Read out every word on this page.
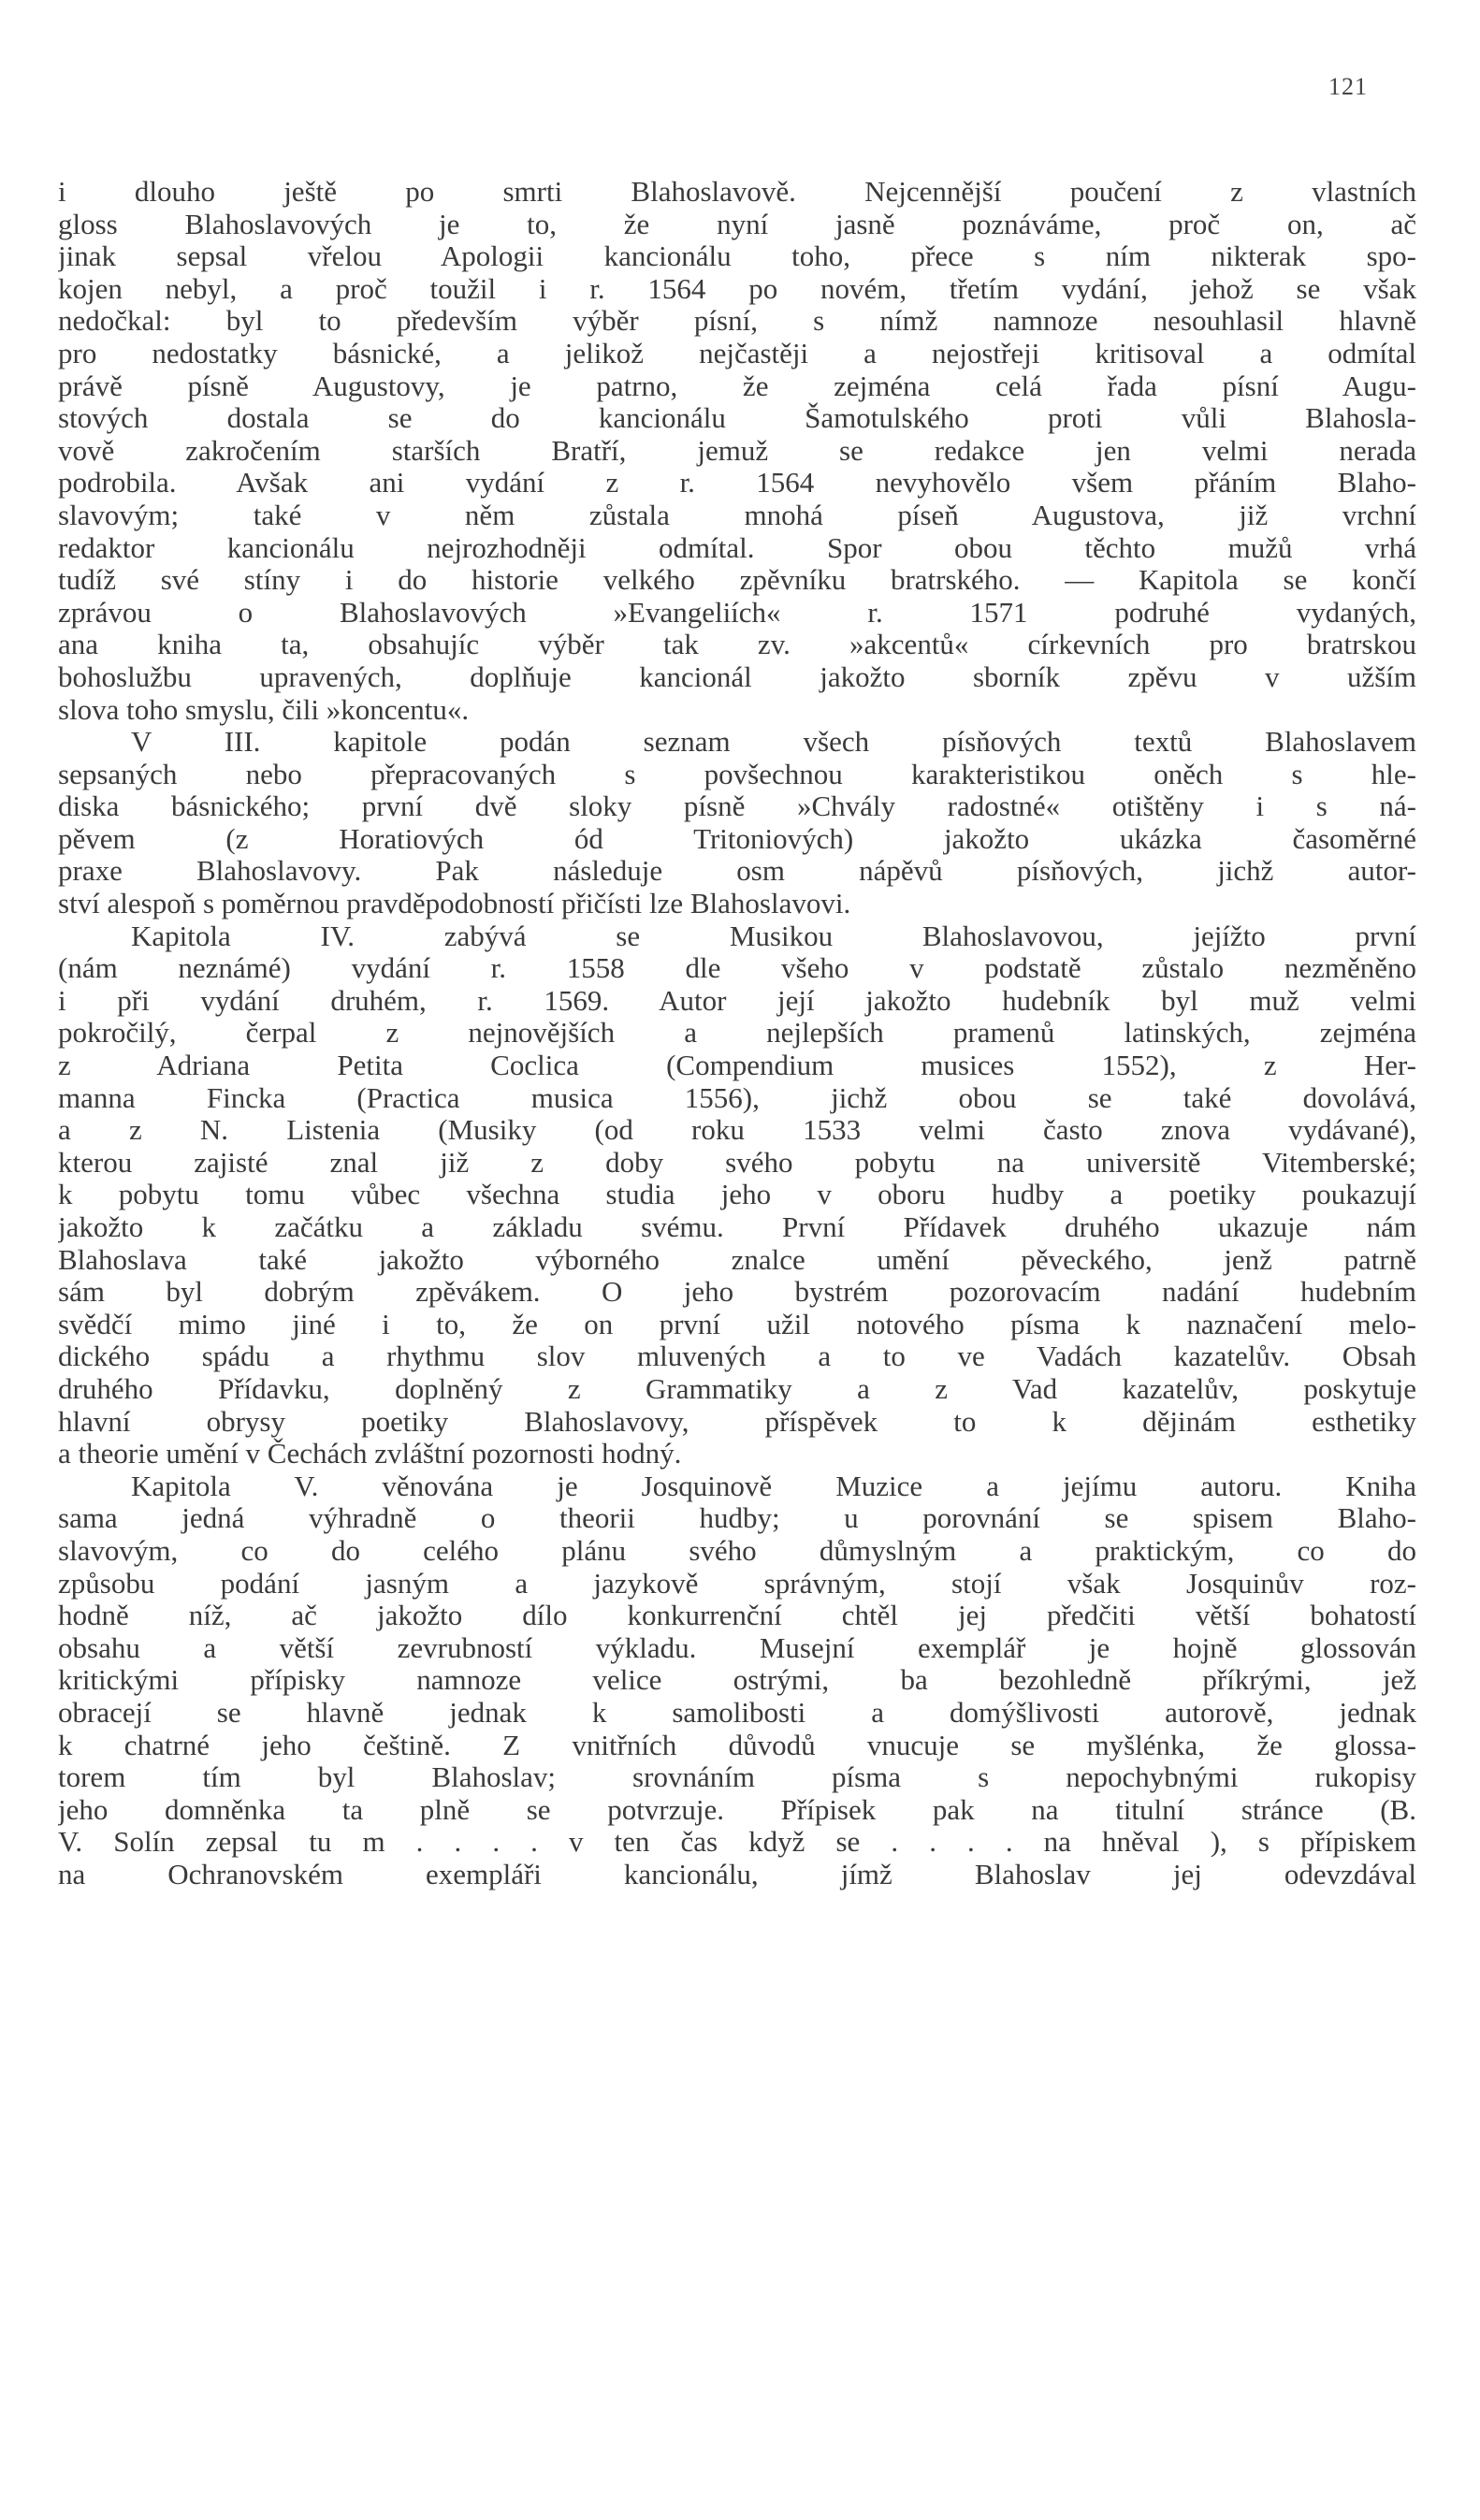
121
i dlouho ještě po smrti Blahoslavově. Nejcennější poučení z vlastních
gloss Blahoslavových je to, že nyní jasně poznáváme, proč on, ač
jinak sepsal vřelou Apologii kancionálu toho, přece s ním nikterak spo-
kojen nebyl, a proč toužil i r. 1564 po novém, třetím vydání, jehož se však
nedočkal: byl to především výběr písní, s nímž namnoze nesouhlasil hlavně
pro nedostatky básnické, a jelikož nejčastěji a nejostřeji kritisoval a odmítal
právě písně Augustovy, je patrno, že zejména celá řada písní Augu-
stových dostala se do kancionálu Šamotulského proti vůli Blahosla-
vově zakročením starších Bratří, jemuž se redakce jen velmi nerada
podrobila. Avšak ani vydání z r. 1564 nevyhovělo všem přáním Blaho-
slavovým; také v něm zůstala mnohá píseň Augustova, již vrchní
redaktor kancionálu nejrozhodněji odmítal. Spor obou těchto mužů vrhá
tudíž své stíny i do historie velkého zpěvníku bratrského. — Kapitola se končí
zprávou o Blahoslavových »Evangeliích« r. 1571 podruhé vydaných,
ana kniha ta, obsahujíc výběr tak zv. »akcentů« církevních pro bratrskou
bohoslužbu upravených, doplňuje kancionál jakožto sborník zpěvu v užším
slova toho smyslu, čili »koncentu«.
V III. kapitole podán seznam všech písňových textů Blahoslavem
sepsaných nebo přepracovaných s povšechnou karakteristikou oněch s hle-
diska básnického; první dvě sloky písně »Chvály radostné« otištěny i s ná-
pěvem (z Horatiových ód Tritoniových) jakožto ukázka časoměrné
praxe Blahoslavovy. Pak následuje osm nápěvů písňových, jichž autor-
ství alespoň s poměrnou pravděpodobností přičísti lze Blahoslavovi.
Kapitola IV. zabývá se Musikou Blahoslavovou, jejížto první
(nám neznámé) vydání r. 1558 dle všeho v podstatě zůstalo nezměněno
i při vydání druhém, r. 1569. Autor její jakožto hudebník byl muž velmi
pokročilý, čerpal z nejnovějších a nejlepších pramenů latinských, zejména
z Adriana Petita Coclica (Compendium musices 1552), z Her-
manna Fincka (Practica musica 1556), jichž obou se také dovolává,
a z N. Listenia (Musiky (od roku 1533 velmi často znova vydávané),
kterou zajisté znal již z doby svého pobytu na universitě Vitemberské;
k pobytu tomu vůbec všechna studia jeho v oboru hudby a poetiky poukazují
jakožto k začátku a základu svému. První Přídavek druhého ukazuje nám
Blahoslava také jakožto výborného znalce umění pěveckého, jenž patrně
sám byl dobrým zpěvákem. O jeho bystrém pozorovacím nadání hudebním
svědčí mimo jiné i to, že on první užil notového písma k naznačení melo-
dického spádu a rhythmu slov mluvených a to ve Vadách kazatelův. Obsah
druhého Přídavku, doplněný z Grammatiky a z Vad kazatelův, poskytuje
hlavní obrysy poetiky Blahoslavovy, příspěvek to k dějinám esthetiky
a theorie umění v Čechách zvláštní pozornosti hodný.
Kapitola V. věnována je Josquinově Muzice a jejímu autoru. Kniha
sama jedná výhradně o theorii hudby; u porovnání se spisem Blaho-
slavovým, co do celého plánu svého důmyslným a praktickým, co do
způsobu podání jasným a jazykově správným, stojí však Josquinův roz-
hodně níž, ač jakožto dílo konkurrenční chtěl jej předčiti větší bohatostí
obsahu a větší zevrubností výkladu. Musejní exemplář je hojně glossován
kritickými přípisky namnoze velice ostrými, ba bezohledně příkrými, jež
obracejí se hlavně jednak k samolibosti a domýšlivosti autorově, jednak
k chatrné jeho češtině. Z vnitřních důvodů vnucuje se myšlénka, že glossa-
torem tím byl Blahoslav; srovnáním písma s nepochybnými rukopisy
jeho domněnka ta plně se potvrzuje. Přípisek pak na titulní stránce (B.
V. Solín zepsal tu m . . . . v ten čas když se . . . . na hněval ), s přípiskem
na Ochranovském exempláři kancionálu, jímž Blahoslav jej odevzdával
